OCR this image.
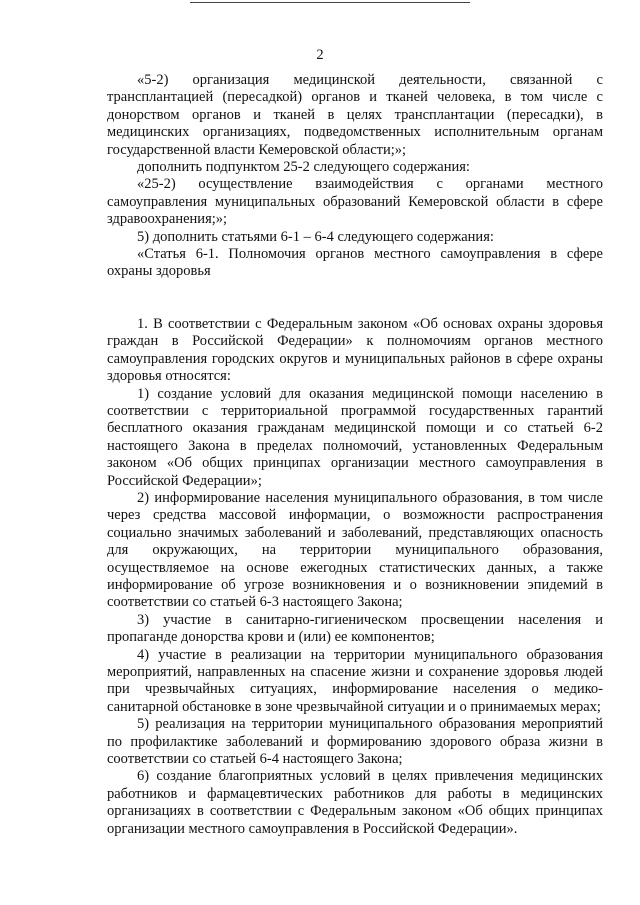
2

«5-2) организация медицинской деятельности, связанной с трансплантацией (пересадкой) органов и тканей человека, в том числе с донорством органов и тканей в целях трансплантации (пересадки), в медицинских организациях, подведомственных исполнительным органам государственной власти Кемеровской области;»;

дополнить подпунктом 25-2 следующего содержания:

«25-2) осуществление взаимодействия с органами местного самоуправления муниципальных образований Кемеровской области в сфере здравоохранения;»;

5) дополнить статьями 6-1 – 6-4 следующего содержания:

«Статья 6-1. Полномочия органов местного самоуправления в сфере охраны здоровья

1. В соответствии с Федеральным законом «Об основах охраны здоровья граждан в Российской Федерации» к полномочиям органов местного самоуправления городских округов и муниципальных районов в сфере охраны здоровья относятся:

1) создание условий для оказания медицинской помощи населению в соответствии с территориальной программой государственных гарантий бесплатного оказания гражданам медицинской помощи и со статьей 6-2 настоящего Закона в пределах полномочий, установленных Федеральным законом «Об общих принципах организации местного самоуправления в Российской Федерации»;

2) информирование населения муниципального образования, в том числе через средства массовой информации, о возможности распространения социально значимых заболеваний и заболеваний, представляющих опасность для окружающих, на территории муниципального образования, осуществляемое на основе ежегодных статистических данных, а также информирование об угрозе возникновения и о возникновении эпидемий в соответствии со статьей 6-3 настоящего Закона;

3) участие в санитарно-гигиеническом просвещении населения и пропаганде донорства крови и (или) ее компонентов;

4) участие в реализации на территории муниципального образования мероприятий, направленных на спасение жизни и сохранение здоровья людей при чрезвычайных ситуациях, информирование населения о медико-санитарной обстановке в зоне чрезвычайной ситуации и о принимаемых мерах;

5) реализация на территории муниципального образования мероприятий по профилактике заболеваний и формированию здорового образа жизни в соответствии со статьей 6-4 настоящего Закона;

6) создание благоприятных условий в целях привлечения медицинских работников и фармацевтических работников для работы в медицинских организациях в соответствии с Федеральным законом «Об общих принципах организации местного самоуправления в Российской Федерации».
